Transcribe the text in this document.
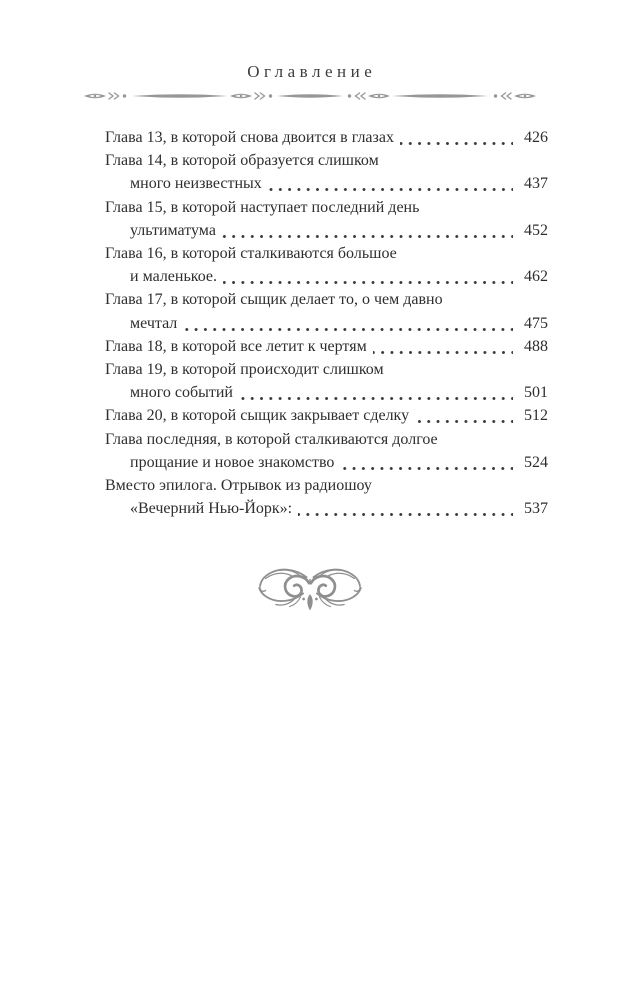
Оглавление
Глава 13, в которой снова двоится в глазах	426
Глава 14, в которой образуется слишком
много неизвестных	437
Глава 15, в которой наступает последний день
ультиматума	452
Глава 16, в которой сталкиваются большое
и маленькое.	462
Глава 17, в которой сыщик делает то, о чем давно
мечтал	475
Глава 18, в которой все летит к чертям	488
Глава 19, в которой происходит слишком
много событий	501
Глава 20, в которой сыщик закрывает сделку	512
Глава последняя, в которой сталкиваются долгое
прощание и новое знакомство	524
Вместо эпилога. Отрывок из радиошоу
«Вечерний Нью-Йорк»:	537
